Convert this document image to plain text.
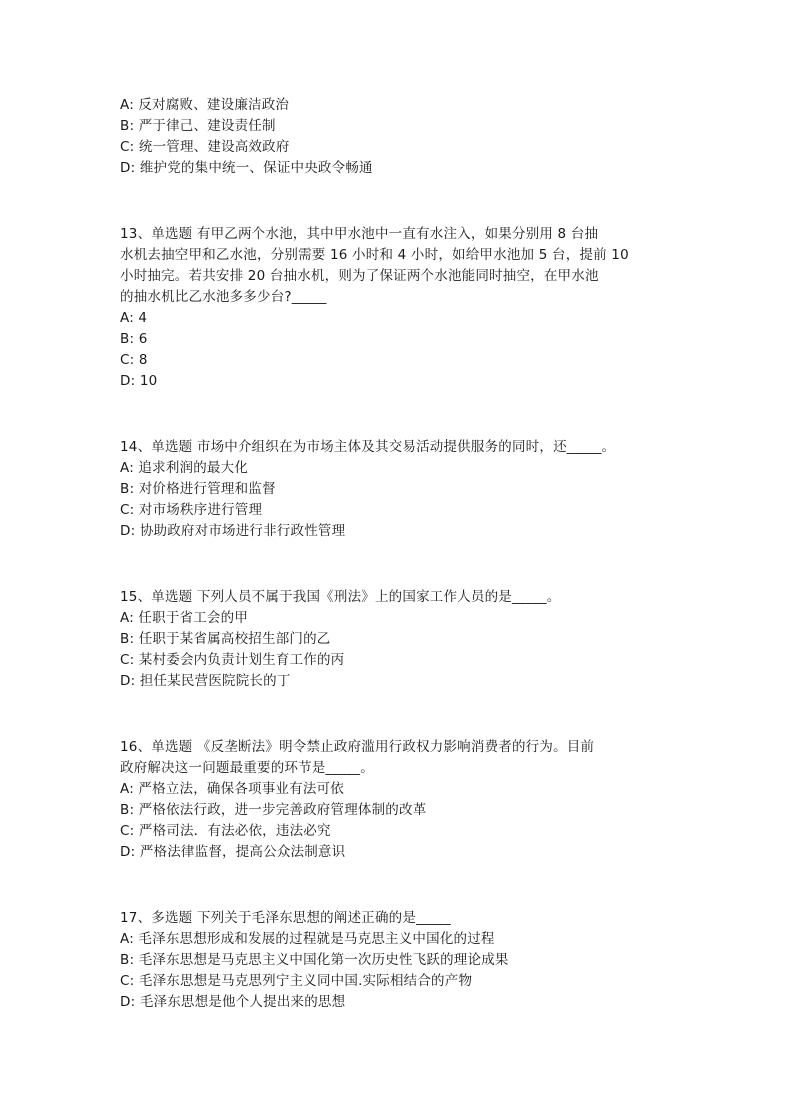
A: 反对腐败、建设廉洁政治
B: 严于律己、建设责任制
C: 统一管理、建设高效政府
D: 维护党的集中统一、保证中央政令畅通
13、单选题 有甲乙两个水池，其中甲水池中一直有水注入，如果分别用 8 台抽
水机去抽空甲和乙水池，分别需要 16 小时和 4 小时，如给甲水池加 5 台，提前 10
小时抽完。若共安排 20 台抽水机，则为了保证两个水池能同时抽空，在甲水池
的抽水机比乙水池多多少台?_____
A: 4
B: 6
C: 8
D: 10
14、单选题 市场中介组织在为市场主体及其交易活动提供服务的同时，还_____。
A: 追求利润的最大化
B: 对价格进行管理和监督
C: 对市场秩序进行管理
D: 协助政府对市场进行非行政性管理
15、单选题 下列人员不属于我国《刑法》上的国家工作人员的是_____。
A: 任职于省工会的甲
B: 任职于某省属高校招生部门的乙
C: 某村委会内负责计划生育工作的丙
D: 担任某民营医院院长的丁
16、单选题 《反垄断法》明令禁止政府滥用行政权力影响消费者的行为。目前
政府解决这一问题最重要的环节是_____。
A: 严格立法，确保各项事业有法可依
B: 严格依法行政，进一步完善政府管理体制的改革
C: 严格司法．有法必依，违法必究
D: 严格法律监督，提高公众法制意识
17、多选题 下列关于毛泽东思想的阐述正确的是_____
A: 毛泽东思想形成和发展的过程就是马克思主义中国化的过程
B: 毛泽东思想是马克思主义中国化第一次历史性飞跃的理论成果
C: 毛泽东思想是马克思列宁主义同中国.实际相结合的产物
D: 毛泽东思想是他个人提出来的思想
